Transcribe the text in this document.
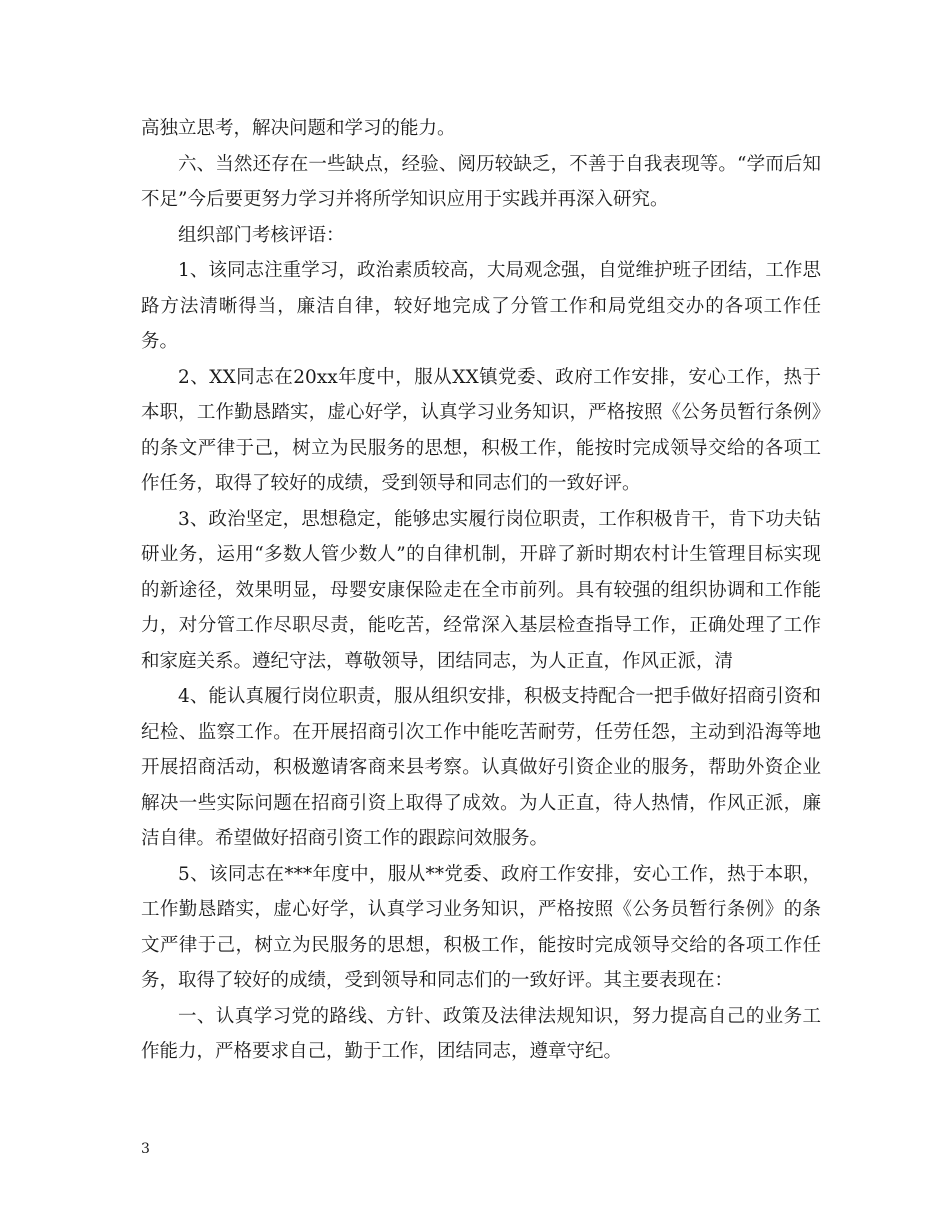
高独立思考，解决问题和学习的能力。

六、当然还存在一些缺点，经验、阅历较缺乏，不善于自我表现等。“学而后知不足”今后要更努力学习并将所学知识应用于实践并再深入研究。

组织部门考核评语：

1、该同志注重学习，政治素质较高，大局观念强，自觉维护班子团结，工作思路方法清晰得当，廉洁自律，较好地完成了分管工作和局党组交办的各项工作任务。

2、XX同志在20xx年度中，服从XX镇党委、政府工作安排，安心工作，热于本职，工作勤恳踏实，虚心好学，认真学习业务知识，严格按照《公务员暂行条例》的条文严律于己，树立为民服务的思想，积极工作，能按时完成领导交给的各项工作任务，取得了较好的成绩，受到领导和同志们的一致好评。

3、政治坚定，思想稳定，能够忠实履行岗位职责，工作积极肯干，肯下功夫钻研业务，运用“多数人管少数人”的自律机制，开辟了新时期农村计生管理目标实现的新途径，效果明显，母婴安康保险走在全市前列。具有较强的组织协调和工作能力，对分管工作尽职尽责，能吃苦，经常深入基层检查指导工作，正确处理了工作和家庭关系。遵纪守法，尊敬领导，团结同志，为人正直，作风正派，清

4、能认真履行岗位职责，服从组织安排，积极支持配合一把手做好招商引资和纪检、监察工作。在开展招商引次工作中能吃苦耐劳，任劳任怨，主动到沿海等地开展招商活动，积极邀请客商来县考察。认真做好引资企业的服务，帮助外资企业解决一些实际问题在招商引资上取得了成效。为人正直，待人热情，作风正派，廉洁自律。希望做好招商引资工作的跟踪问效服务。

5、该同志在***年度中，服从**党委、政府工作安排，安心工作，热于本职，工作勤恳踏实，虚心好学，认真学习业务知识，严格按照《公务员暂行条例》的条文严律于己，树立为民服务的思想，积极工作，能按时完成领导交给的各项工作任务，取得了较好的成绩，受到领导和同志们的一致好评。其主要表现在：

一、认真学习党的路线、方针、政策及法律法规知识，努力提高自己的业务工作能力，严格要求自己，勤于工作，团结同志，遵章守纪。

3
